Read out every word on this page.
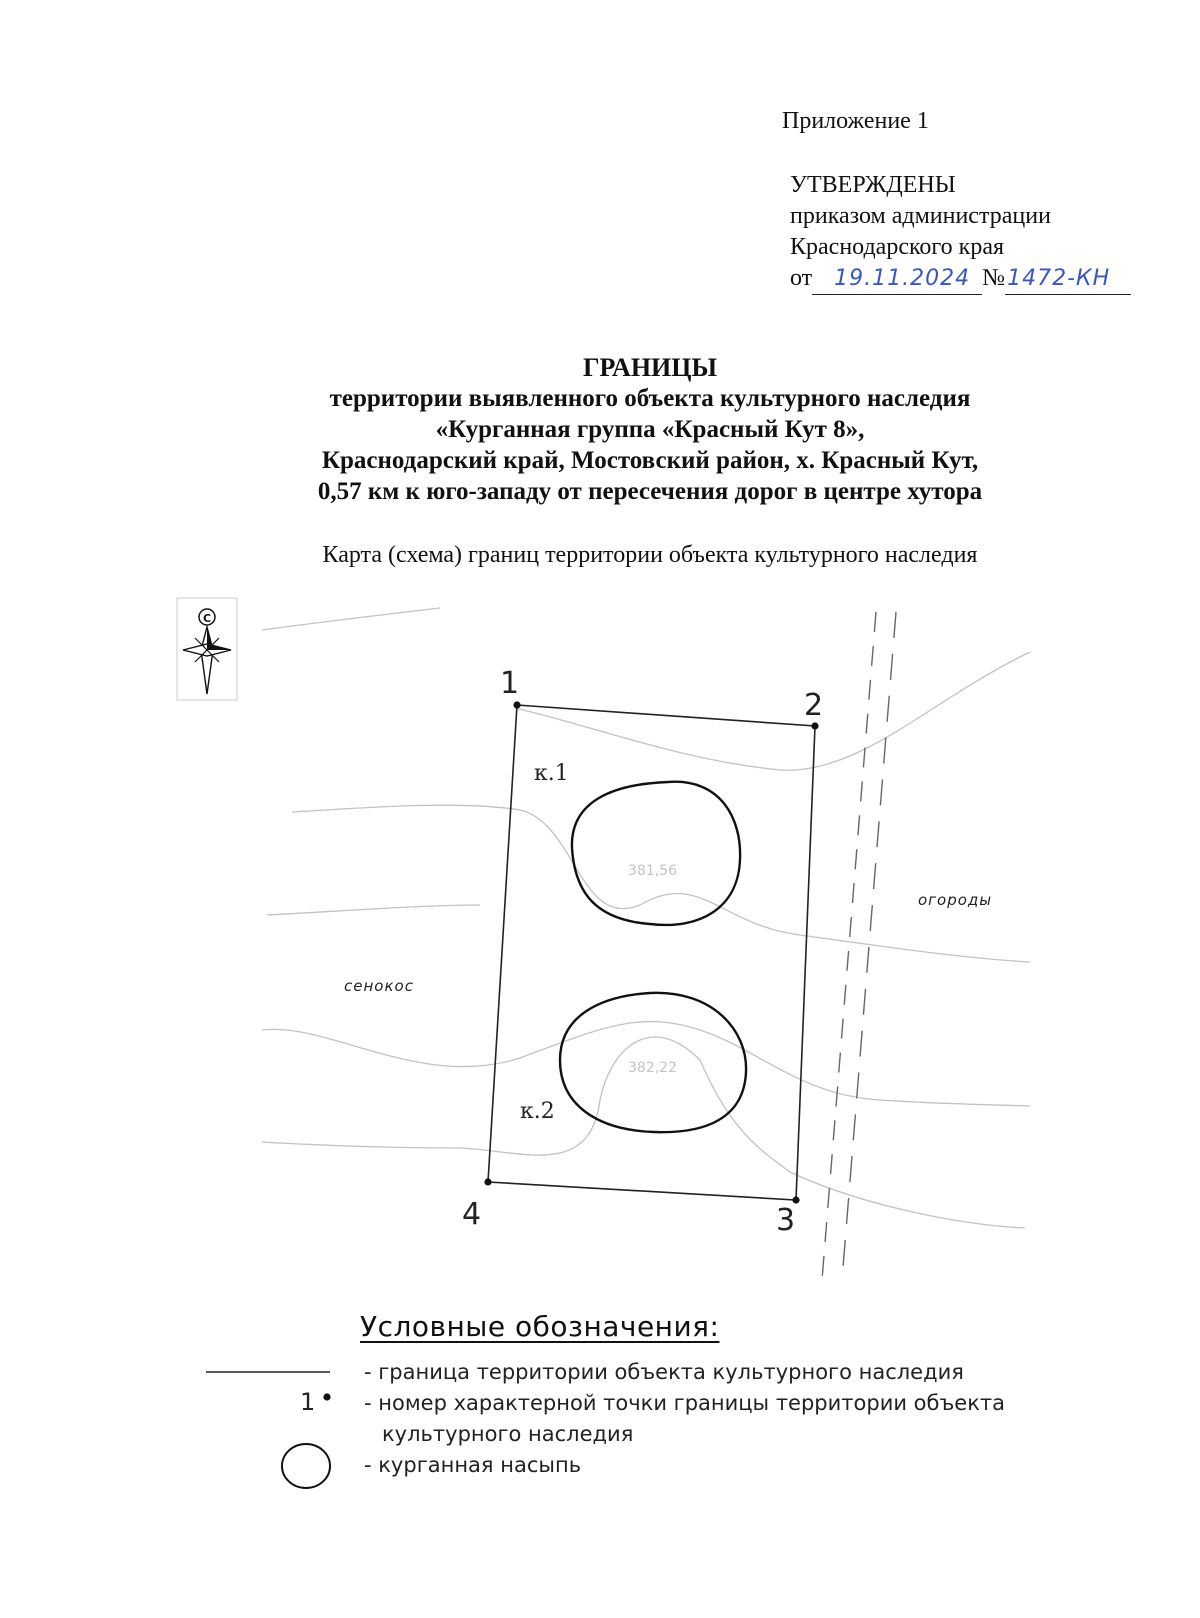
Приложение 1
УТВЕРЖДЕНЫ
приказом администрации
Краснодарского края
от 19.11.2024 №1472-КН
ГРАНИЦЫ
территории выявленного объекта культурного наследия
«Курганная группа «Красный Кут 8»,
Краснодарский край, Мостовский район, х. Красный Кут,
0,57 км к юго-западу от пересечения дорог в центре хутора
Карта (схема) границ территории объекта культурного наследия
С
381,56
382,22
1
2
3
4
к.1
к.2
сенокос
огороды
Условные обозначения:
- граница территории объекта культурного наследия
1 - номер характерной точки границы территории объекта
культурного наследия
- курганная насыпь
